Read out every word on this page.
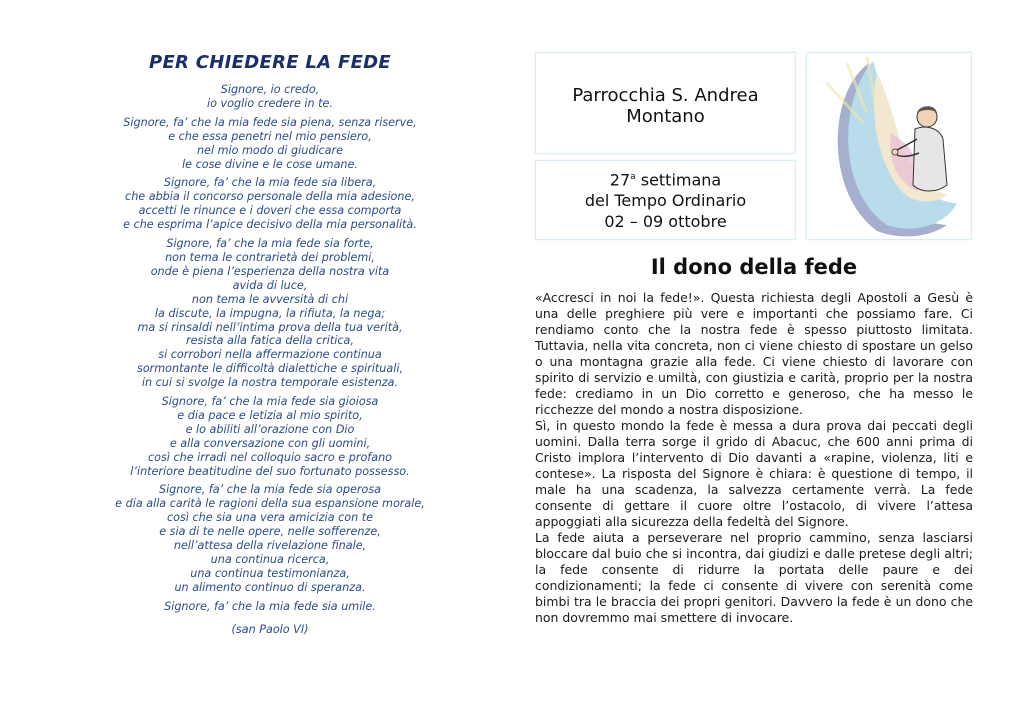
PER CHIEDERE LA FEDE
Signore, io credo,
io voglio credere in te.
Signore, fa’ che la mia fede sia piena, senza riserve,
e che essa penetri nel mio pensiero,
nel mio modo di giudicare
le cose divine e le cose umane.
Signore, fa’ che la mia fede sia libera,
che abbia il concorso personale della mia adesione,
accetti le rinunce e i doveri che essa comporta
e che esprima l’apice decisivo della mia personalità.
Signore, fa’ che la mia fede sia forte,
non tema le contrarietà dei problemi,
onde è piena l’esperienza della nostra vita
avida di luce,
non tema le avversità di chi
la discute, la impugna, la rifiuta, la nega;
ma si rinsaldi nell’intima prova della tua verità,
resista alla fatica della critica,
si corrobori nella affermazione continua
sormontante le difficoltà dialettiche e spirituali,
in cui si svolge la nostra temporale esistenza.
Signore, fa’ che la mia fede sia gioiosa
e dia pace e letizia al mio spirito,
e lo abiliti all’orazione con Dio
e alla conversazione con gli uomini,
così che irradi nel colloquio sacro e profano
l’interiore beatitudine del suo fortunato possesso.
Signore, fa’ che la mia fede sia operosa
e dia alla carità le ragioni della sua espansione morale,
così che sia una vera amicizia con te
e sia di te nelle opere, nelle sofferenze,
nell’attesa della rivelazione finale,
una continua ricerca,
una continua testimonianza,
un alimento continuo di speranza.
Signore, fa’ che la mia fede sia umile.
(san Paolo VI)
Parrocchia S. Andrea
Montano
27$^a$ settimana
del Tempo Ordinario
02 – 09 ottobre
Il dono della fede

«Accresci in noi la fede!». Questa richiesta degli Apostoli a Gesù è una delle preghiere più vere e importanti che possiamo fare. Ci rendiamo conto che la nostra fede è spesso piuttosto limitata. Tuttavia, nella vita concreta, non ci viene chiesto di spostare un gelso o una montagna grazie alla fede. Ci viene chiesto di lavorare con spirito di servizio e umiltà, con giustizia e carità, proprio per la nostra fede: crediamo in un Dio corretto e generoso, che ha messo le ricchezze del mondo a nostra disposizione.

Sì, in questo mondo la fede è messa a dura prova dai peccati degli uomini. Dalla terra sorge il grido di Abacuc, che 600 anni prima di Cristo implora l’intervento di Dio davanti a «rapine, violenza, liti e contese». La risposta del Signore è chiara: è questione di tempo, il male ha una scadenza, la salvezza certamente verrà. La fede consente di gettare il cuore oltre l’ostacolo, di vivere l’attesa appoggiati alla sicurezza della fedeltà del Signore.

La fede aiuta a perseverare nel proprio cammino, senza lasciarsi bloccare dal buio che si incontra, dai giudizi e dalle pretese degli altri; la fede consente di ridurre la portata delle paure e dei condizionamenti; la fede ci consente di vivere con serenità come bimbi tra le braccia dei propri genitori. Davvero la fede è un dono che non dovremmo mai smettere di invocare.
